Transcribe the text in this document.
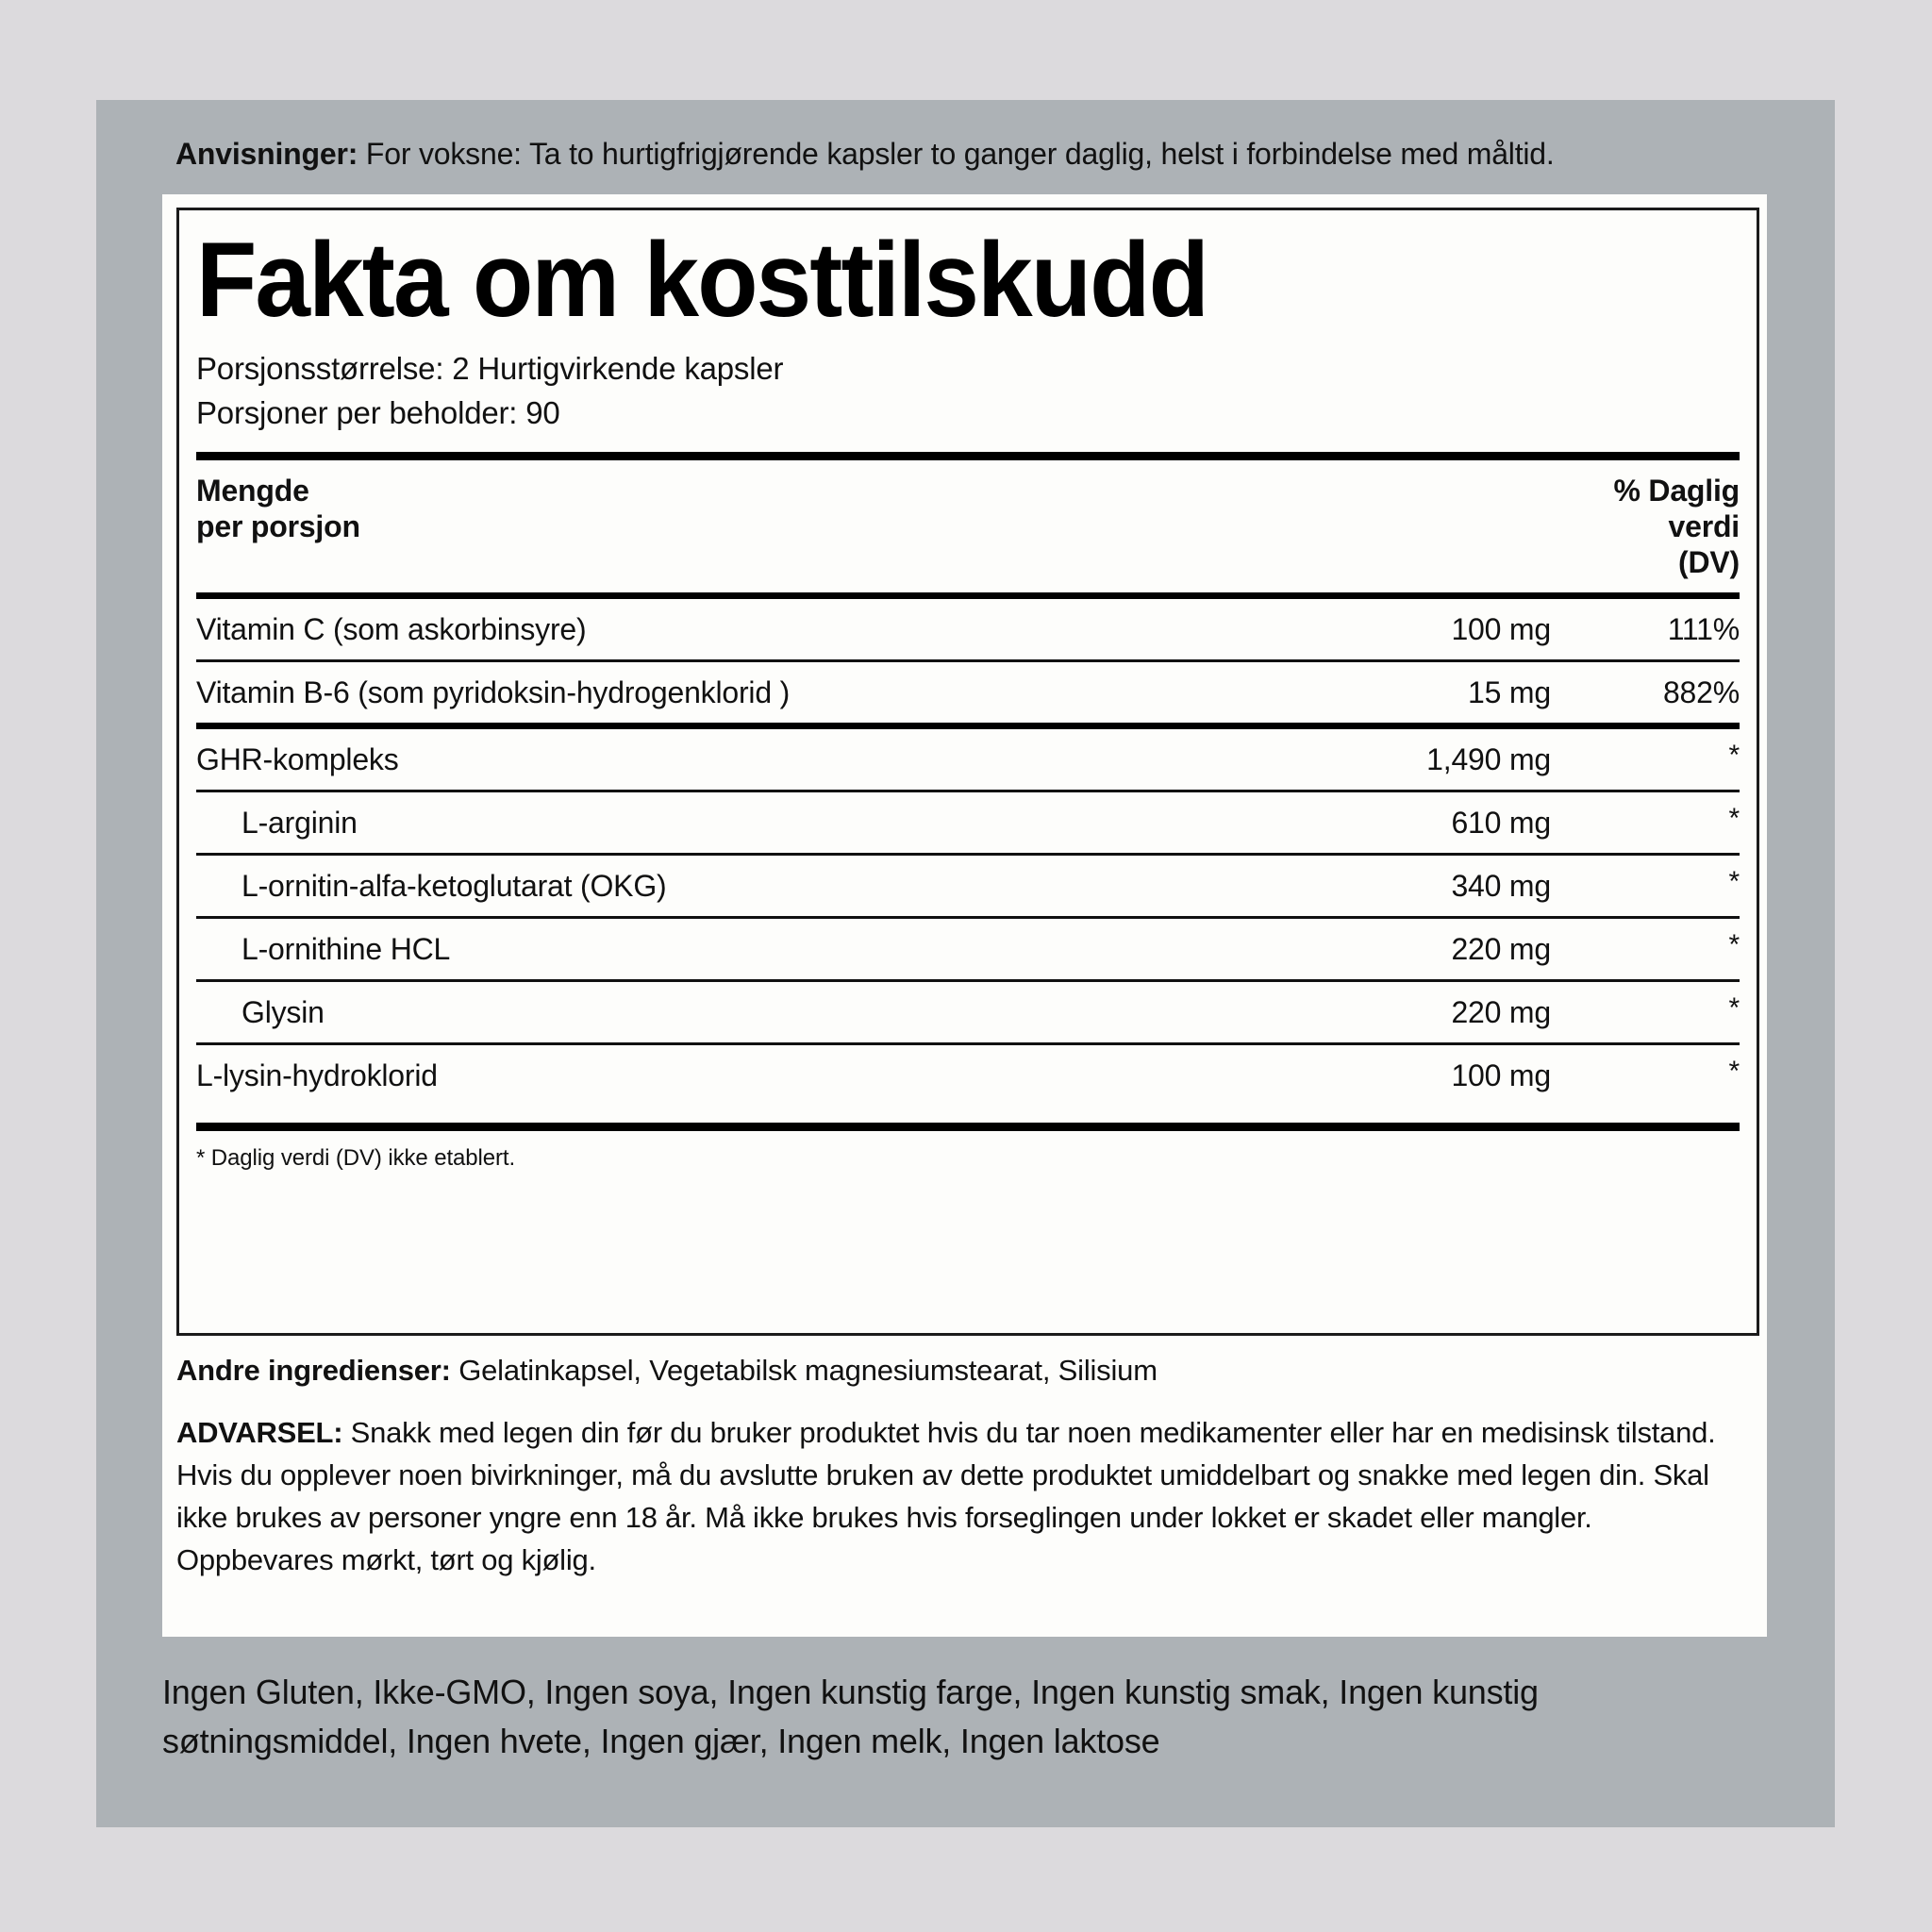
Anvisninger: For voksne: Ta to hurtigfrigjørende kapsler to ganger daglig, helst i forbindelse med måltid.
Fakta om kosttilskudd
Porsjonsstørrelse: 2 Hurtigvirkende kapsler
Porsjoner per beholder: 90
Mengde
per porsjon

% Daglig
verdi
(DV)
Vitamin C (som askorbinsyre)	100 mg	111%
Vitamin B-6 (som pyridoksin-hydrogenklorid )	15 mg	882%
GHR-kompleks	1,490 mg	*
L-arginin	610 mg	*
L-ornitin-alfa-ketoglutarat (OKG)	340 mg	*
L-ornithine HCL	220 mg	*
Glysin	220 mg	*
L-lysin-hydroklorid	100 mg	*
* Daglig verdi (DV) ikke etablert.
Andre ingredienser: Gelatinkapsel, Vegetabilsk magnesiumstearat, Silisium
ADVARSEL: Snakk med legen din før du bruker produktet hvis du tar noen medikamenter eller har en medisinsk tilstand. Hvis du opplever noen bivirkninger, må du avslutte bruken av dette produktet umiddelbart og snakke med legen din. Skal ikke brukes av personer yngre enn 18 år. Må ikke brukes hvis forseglingen under lokket er skadet eller mangler. Oppbevares mørkt, tørt og kjølig.
Ingen Gluten, Ikke-GMO, Ingen soya, Ingen kunstig farge, Ingen kunstig smak, Ingen kunstig søtningsmiddel, Ingen hvete, Ingen gjær, Ingen melk, Ingen laktose
